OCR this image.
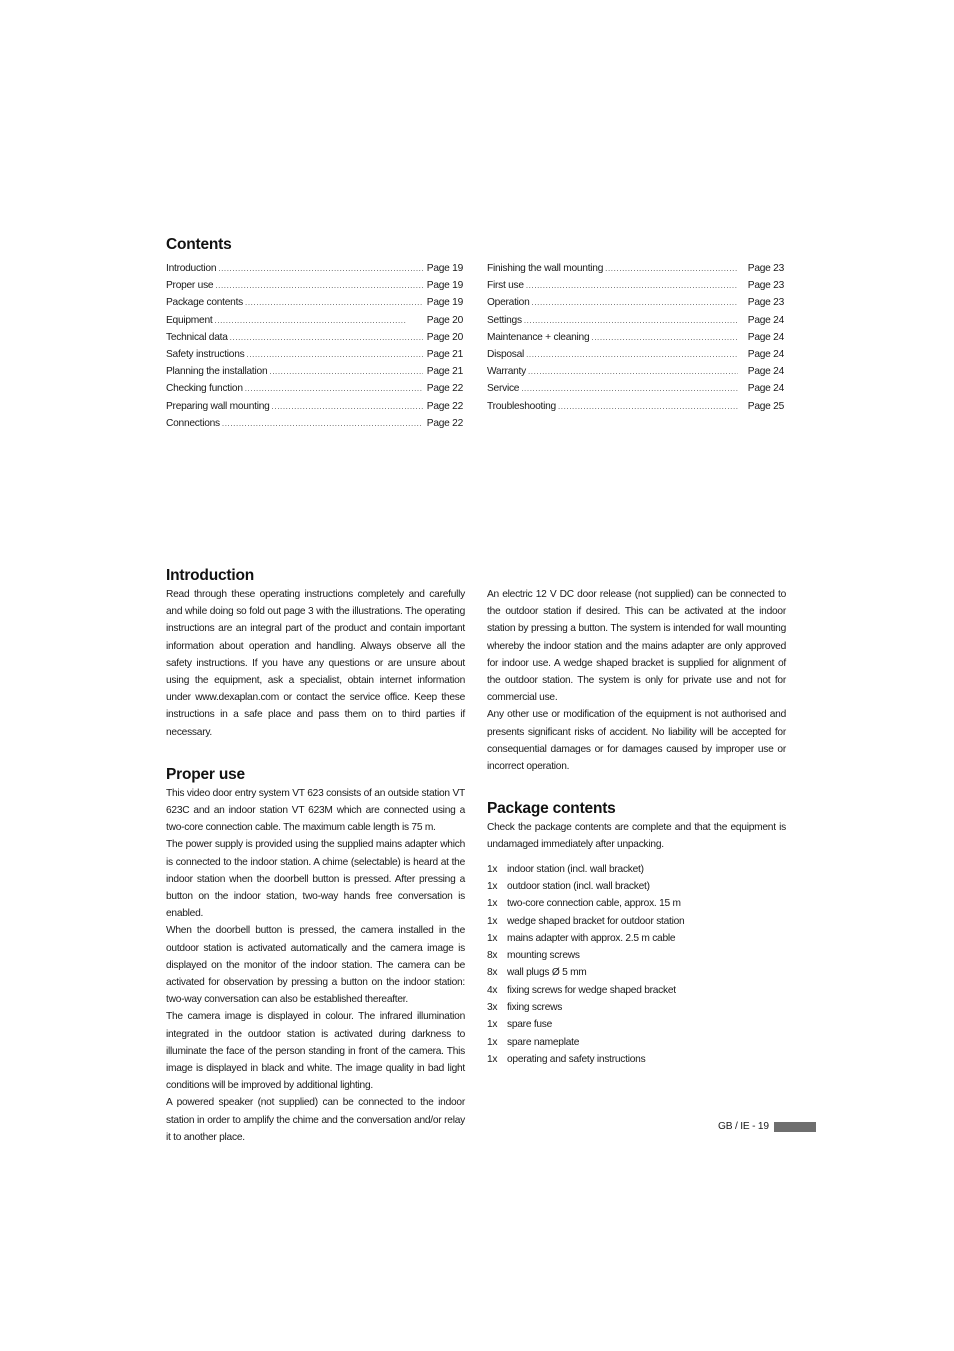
Contents
Introduction .....	Page 19
Proper use .....	Page 19
Package contents .....	Page 19
Equipment .....	Page 20
Technical data .....	Page 20
Safety instructions .....	Page 21
Planning the installation .....	Page 21
Checking function .....	Page 22
Preparing wall mounting .....	Page 22
Connections .....	Page 22
Finishing the wall mounting .....	Page 23
First use .....	Page 23
Operation .....	Page 23
Settings .....	Page 24
Maintenance + cleaning .....	Page 24
Disposal .....	Page 24
Warranty .....	Page 24
Service .....	Page 24
Troubleshooting .....	Page 25
Introduction

Read through these operating instructions completely and carefully and while doing so fold out page 3 with the illustrations. The operating instructions are an integral part of the product and contain important information about operation and handling. Always observe all the safety instructions. If you have any questions or are unsure about using the equipment, ask a specialist, obtain internet information under www.dexaplan.com or contact the service office. Keep these instructions in a safe place and pass them on to third parties if necessary.

Proper use

This video door entry system VT 623 consists of an outside station VT 623C and an indoor station VT 623M which are connected using a two-core connection cable. The maximum cable length is 75 m.

The power supply is provided using the supplied mains adapter which is connected to the indoor station. A chime (selectable) is heard at the indoor station when the doorbell button is pressed. After pressing a button on the indoor station, two-way hands free conversation is enabled.

When the doorbell button is pressed, the camera installed in the outdoor station is activated automatically and the camera image is displayed on the monitor of the indoor station. The camera can be activated for observation by pressing a button on the indoor station: two-way conversation can also be established thereafter.

The camera image is displayed in colour. The infrared illumination integrated in the outdoor station is activated during darkness to illuminate the face of the person standing in front of the camera. This image is displayed in black and white. The image quality in bad light conditions will be improved by additional lighting.

A powered speaker (not supplied) can be connected to the indoor station in order to amplify the chime and the conversation and/or relay it to another place.

An electric 12 V DC door release (not supplied) can be connected to the outdoor station if desired. This can be activated at the indoor station by pressing a button. The system is intended for wall mounting whereby the indoor station and the mains adapter are only approved for indoor use. A wedge shaped bracket is supplied for alignment of the outdoor station. The system is only for private use and not for commercial use.

Any other use or modification of the equipment is not authorised and presents significant risks of accident. No liability will be accepted for consequential damages or for damages caused by improper use or incorrect operation.

Package contents

Check the package contents are complete and that the equipment is undamaged immediately after unpacking.

1x indoor station (incl. wall bracket)
1x outdoor station (incl. wall bracket)
1x two-core connection cable, approx. 15 m
1x wedge shaped bracket for outdoor station
1x mains adapter with approx. 2.5 m cable
8x mounting screws
8x wall plugs Ø 5 mm
4x fixing screws for wedge shaped bracket
3x fixing screws
1x spare fuse
1x spare nameplate
1x operating and safety instructions
GB / IE - 19
